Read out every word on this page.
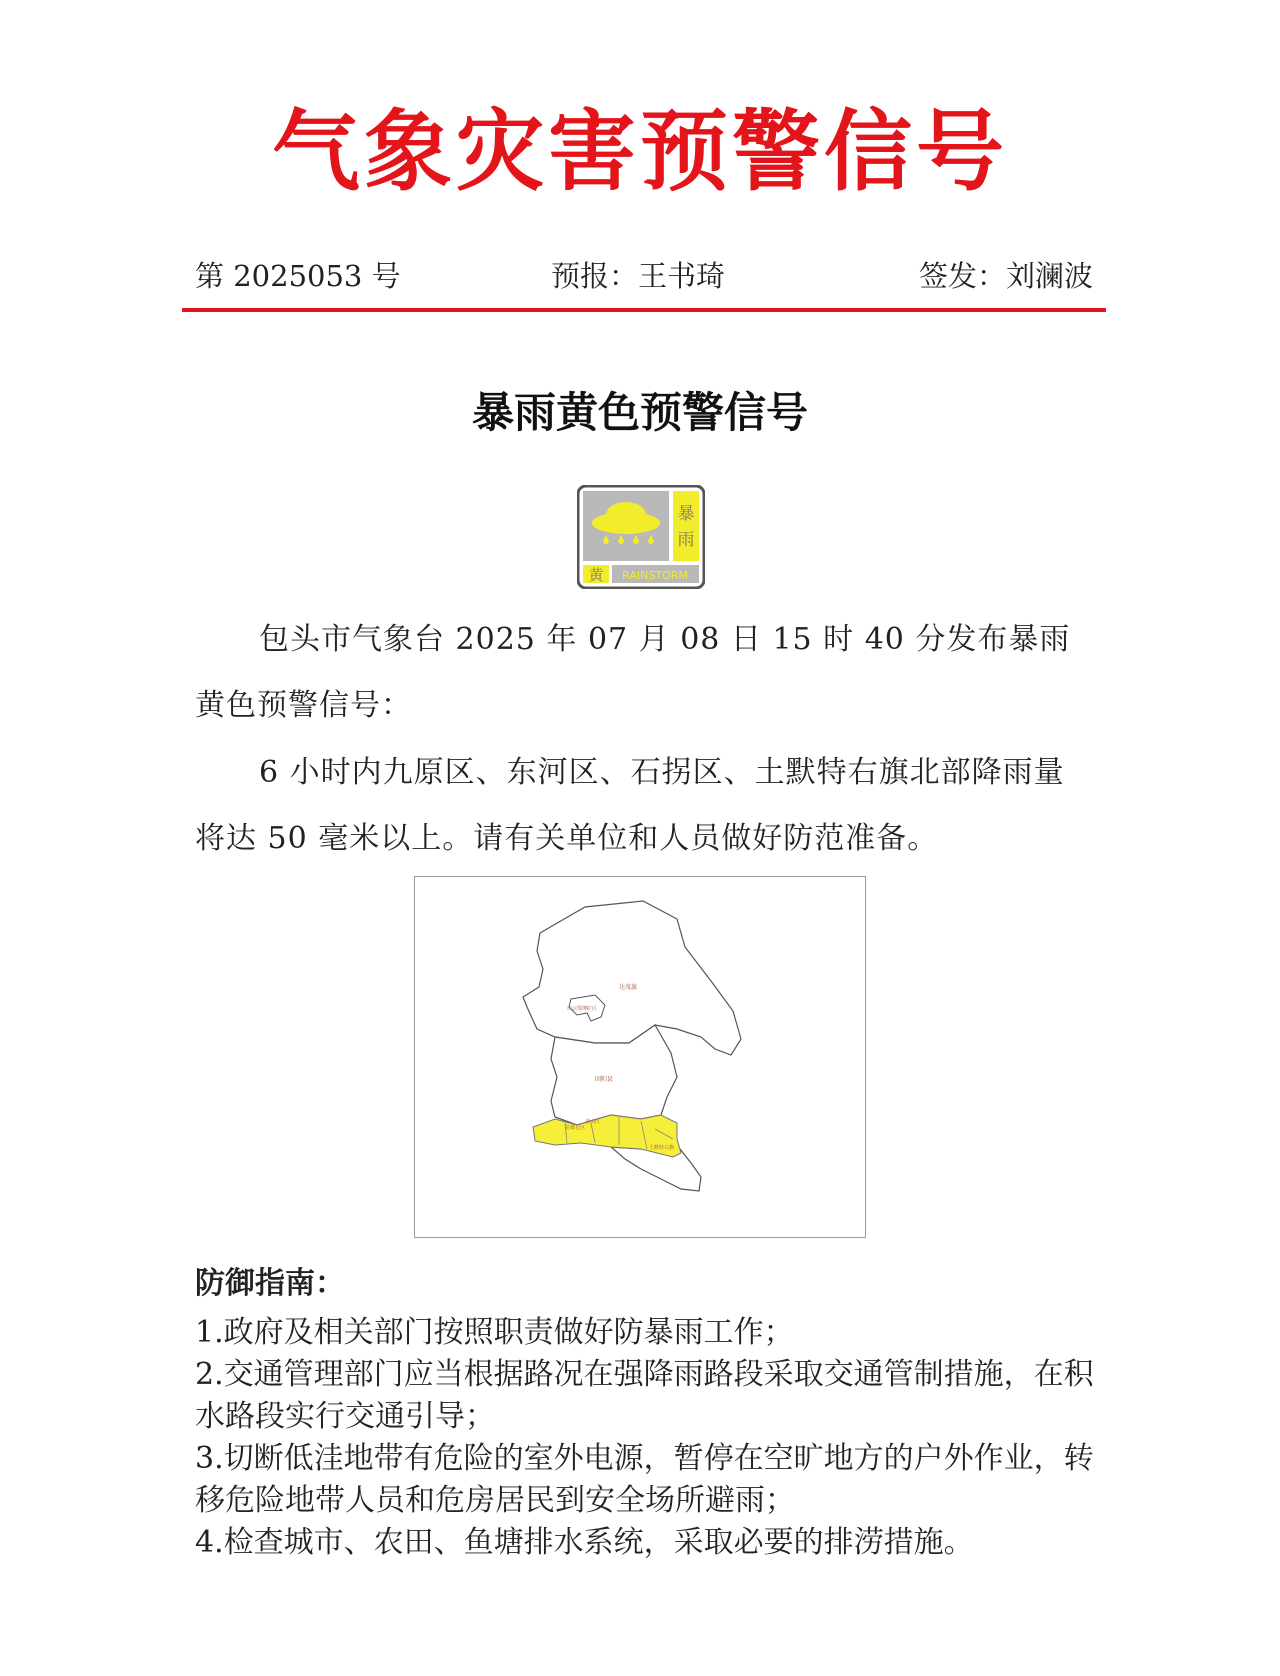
气象灾害预警信号
第 2025053 号	预报：王书琦	签发：刘澜波
暴雨黄色预警信号
暴
雨
黄 RAINSTORM

包头市气象台 2025 年 07 月 08 日 15 时 40 分发布暴雨黄色预警信号：

6 小时内九原区、东河区、石拐区、土默特右旗北部降雨量将达 50 毫米以上。请有关单位和人员做好防范准备。

达茂旗
白云鄂博矿区
固阳县
昆都仑区
青山区
土默特右旗
防御指南：
1.政府及相关部门按照职责做好防暴雨工作；
2.交通管理部门应当根据路况在强降雨路段采取交通管制措施，在积水路段实行交通引导；
3.切断低洼地带有危险的室外电源，暂停在空旷地方的户外作业，转移危险地带人员和危房居民到安全场所避雨；
4.检查城市、农田、鱼塘排水系统，采取必要的排涝措施。
